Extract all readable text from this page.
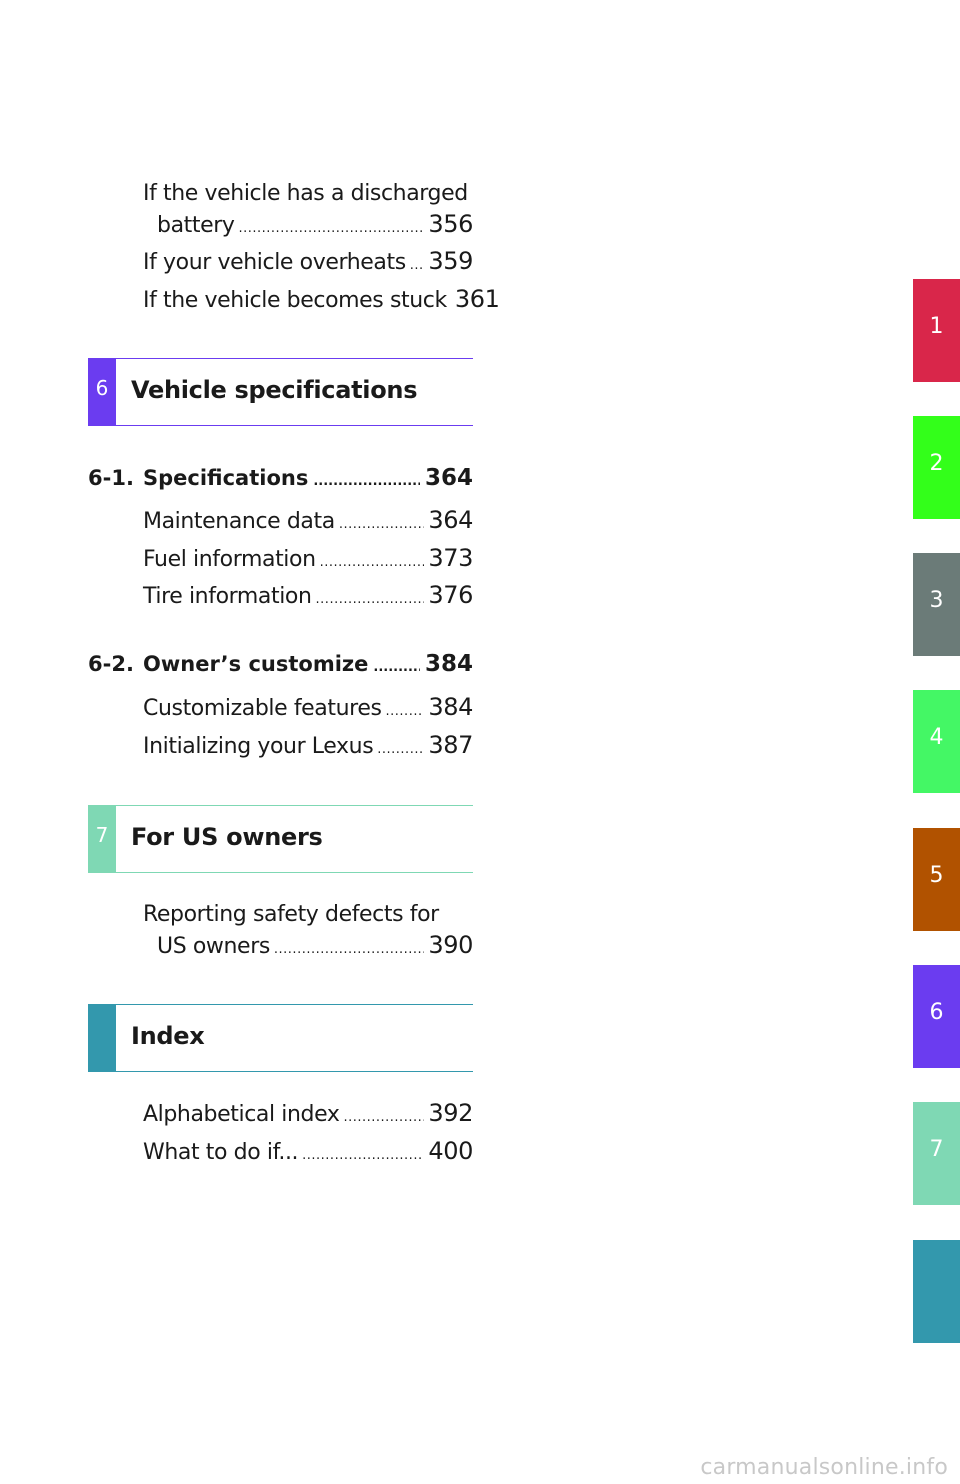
If the vehicle has a discharged
battery .....	356
If your vehicle overheats ..... 359
If the vehicle becomes stuck 361
6 Vehicle specifications
6-1. Specifications .....	364
Maintenance data .....	364
Fuel information .....	373
Tire information .....	376
6-2. Owner’s customize ..... 384
Customizable features ..... 384
Initializing your Lexus ..... 387
7 For US owners
Reporting safety defects for
US owners .....	390
Index
Alphabetical index .....	392
What to do if... .....	400
1
2
3
4
5
6
7
carmanualsonline.info
